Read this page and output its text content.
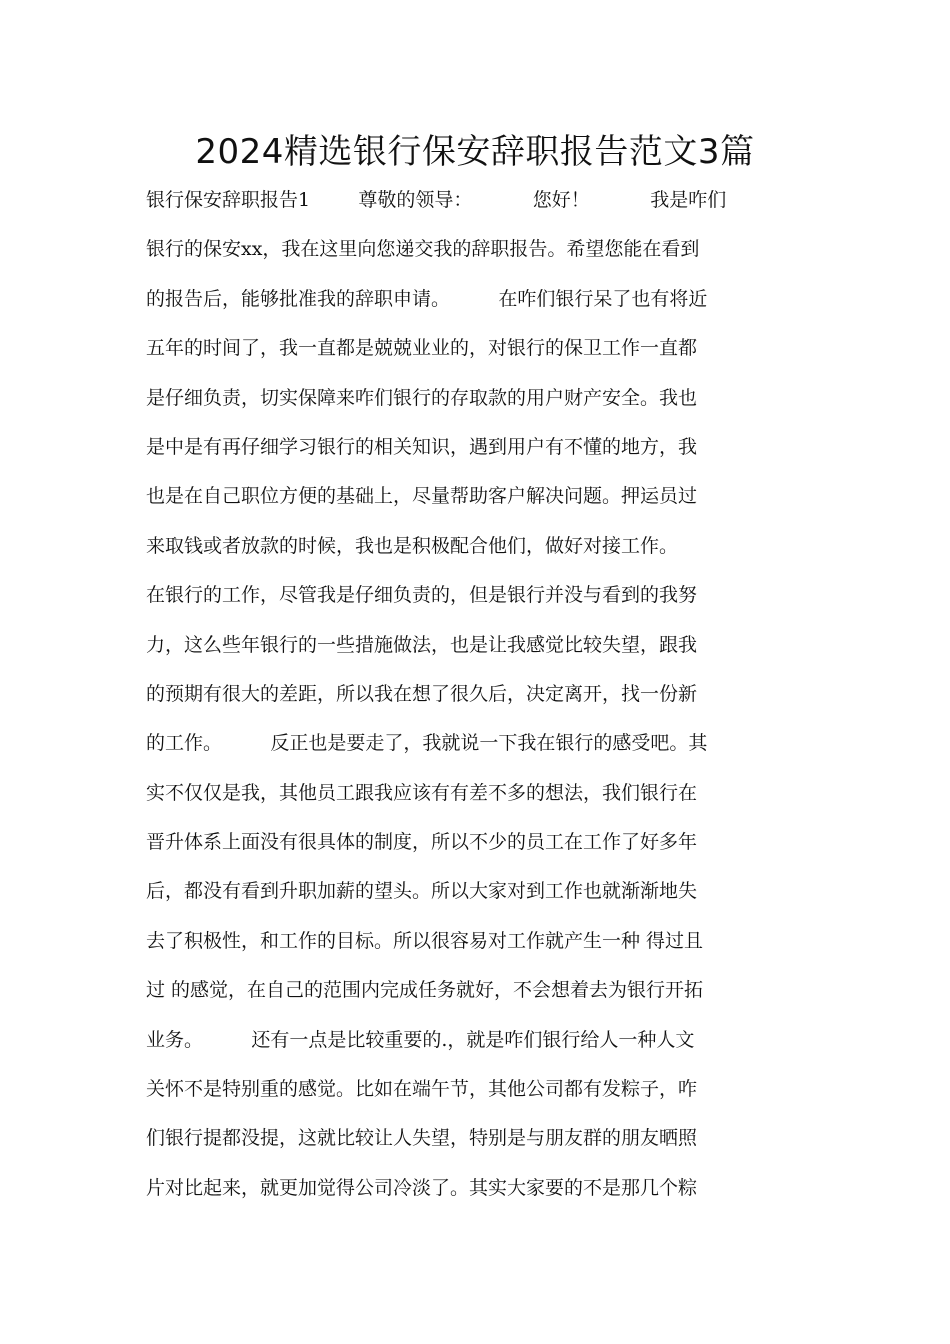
2024精选银行保安辞职报告范文3篇
银行保安辞职报告1        尊敬的领导：          您好！          我是咋们
银行的保安xx，我在这里向您递交我的辞职报告。希望您能在看到
的报告后，能够批准我的辞职申请。        在咋们银行呆了也有将近
五年的时间了，我一直都是兢兢业业的，对银行的保卫工作一直都
是仔细负责，切实保障来咋们银行的存取款的用户财产安全。我也
是中是有再仔细学习银行的相关知识，遇到用户有不懂的地方，我
也是在自己职位方便的基础上，尽量帮助客户解决问题。押运员过
来取钱或者放款的时候，我也是积极配合他们，做好对接工作。
在银行的工作，尽管我是仔细负责的，但是银行并没与看到的我努
力，这么些年银行的一些措施做法，也是让我感觉比较失望，跟我
的预期有很大的差距，所以我在想了很久后，决定离开，找一份新
的工作。        反正也是要走了，我就说一下我在银行的感受吧。其
实不仅仅是我，其他员工跟我应该有有差不多的想法，我们银行在
晋升体系上面没有很具体的制度，所以不少的员工在工作了好多年
后，都没有看到升职加薪的望头。所以大家对到工作也就渐渐地失
去了积极性，和工作的目标。所以很容易对工作就产生一种 得过且
过 的感觉，在自己的范围内完成任务就好，不会想着去为银行开拓
业务。        还有一点是比较重要的.，就是咋们银行给人一种人文
关怀不是特别重的感觉。比如在端午节，其他公司都有发粽子，咋
们银行提都没提，这就比较让人失望，特别是与朋友群的朋友晒照
片对比起来，就更加觉得公司冷淡了。其实大家要的不是那几个粽
